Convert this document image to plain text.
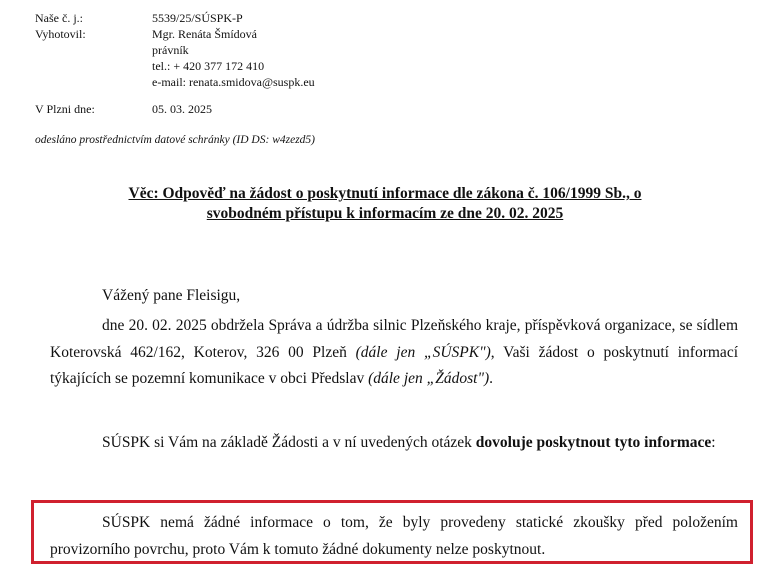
Naše č. j.:	5539/25/SÚSPK-P
Vyhotovil:	Mgr. Renáta Šmídová
právník
tel.: + 420 377 172 410
e-mail: renata.smidova@suspk.eu
V Plzni dne:	05. 03. 2025
odesláno prostřednictvím datové schránky (ID DS: w4zezd5)
Věc: Odpověď na žádost o poskytnutí informace dle zákona č. 106/1999 Sb., o
svobodném přístupu k informacím ze dne 20. 02. 2025

Vážený pane Fleisigu,

dne 20. 02. 2025 obdržela Správa a údržba silnic Plzeňského kraje, příspěvková organizace, se sídlem Koterovská 462/162, Koterov, 326 00 Plzeň (dále jen „SÚSPK"), Vaši žádost o poskytnutí informací týkajících se pozemní komunikace v obci Předslav (dále jen „Žádost").

SÚSPK si Vám na základě Žádosti a v ní uvedených otázek dovoluje poskytnout tyto informace:

SÚSPK nemá žádné informace o tom, že byly provedeny statické zkoušky před položením provizorního povrchu, proto Vám k tomuto žádné dokumenty nelze poskytnout.
